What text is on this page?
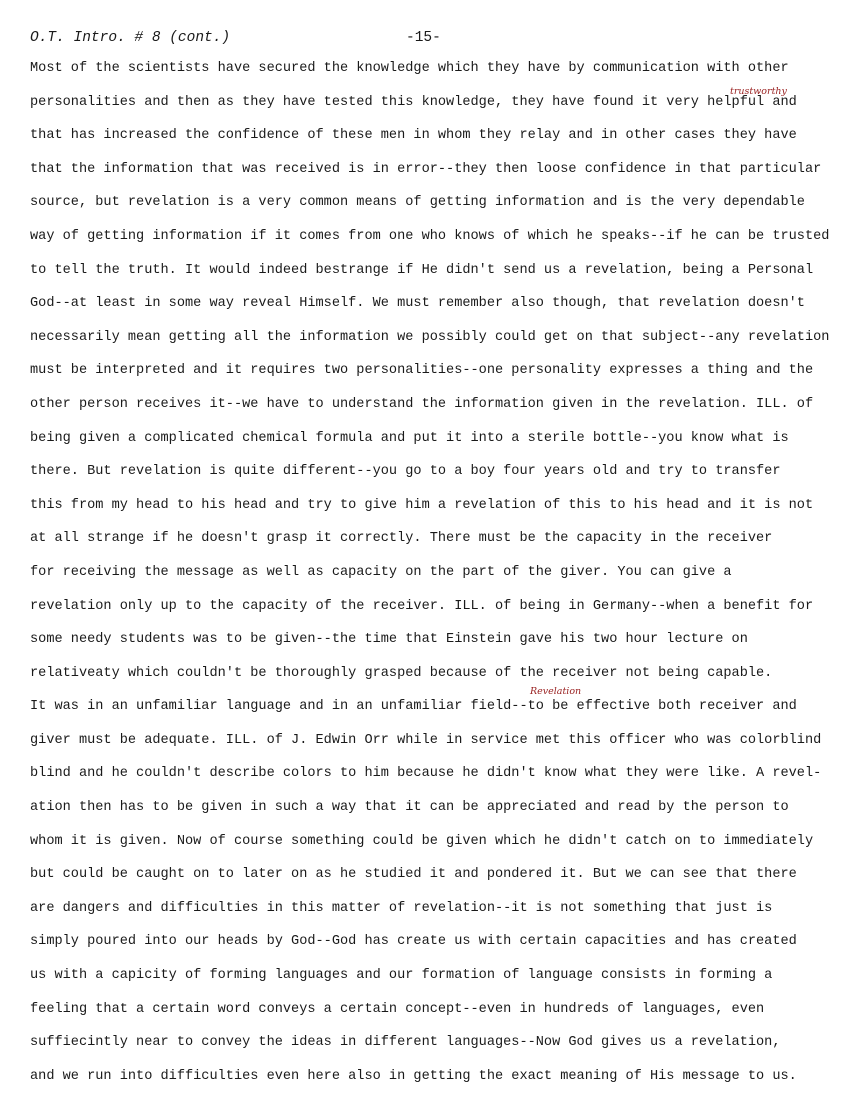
O.T. Intro. # 8 (cont.)	-15-
trustworthy
Revelation
Most of the scientists have secured the knowledge which they have by communication with other
personalities and then as they have tested this knowledge, they have found it very helpful and
that has increased the confidence of these men in whom they relay and in other cases they have
that the information that was received is in error--they then loose confidence in that particular
source, but revelation is a very common means of getting information and is the very dependable
way of getting information if it comes from one who knows of which he speaks--if he can be trusted
to tell the truth. It would indeed bestrange if He didn't send us a revelation, being a Personal
God--at least in some way reveal Himself. We must remember also though, that revelation doesn't
necessarily mean getting all the information we possibly could get on that subject--any revelation
must be interpreted and it requires two personalities--one personality expresses a thing and the
other person receives it--we have to understand the information given in the revelation. ILL. of
being given a complicated chemical formula and put it into a sterile bottle--you know what is
there. But revelation is quite different--you go to a boy four years old and try to transfer
this from my head to his head and try to give him a revelation of this to his head and it is not
at all strange if he doesn't grasp it correctly. There must be the capacity in the receiver
for receiving the message as well as capacity on the part of the giver. You can give a
revelation only up to the capacity of the receiver. ILL. of being in Germany--when a benefit for
some needy students was to be given--the time that Einstein gave his two hour lecture on
relativeaty which couldn't be thoroughly grasped because of the receiver not being capable.
It was in an unfamiliar language and in an unfamiliar field--to be effective both receiver and
giver must be adequate. ILL. of J. Edwin Orr while in service met this officer who was colorblind
blind and he couldn't describe colors to him because he didn't know what they were like. A revel-
ation then has to be given in such a way that it can be appreciated and read by the person to
whom it is given. Now of course something could be given which he didn't catch on to immediately
but could be caught on to later on as he studied it and pondered it. But we can see that there
are dangers and difficulties in this matter of revelation--it is not something that just is
simply poured into our heads by God--God has create us with certain capacities and has created
us with a capicity of forming languages and our formation of language consists in forming a
feeling that a certain word conveys a certain concept--even in hundreds of languages, even
suffiecintly near to convey the ideas in different languages--Now God gives us a revelation,
and we run into difficulties even here also in getting the exact meaning of His message to us.
